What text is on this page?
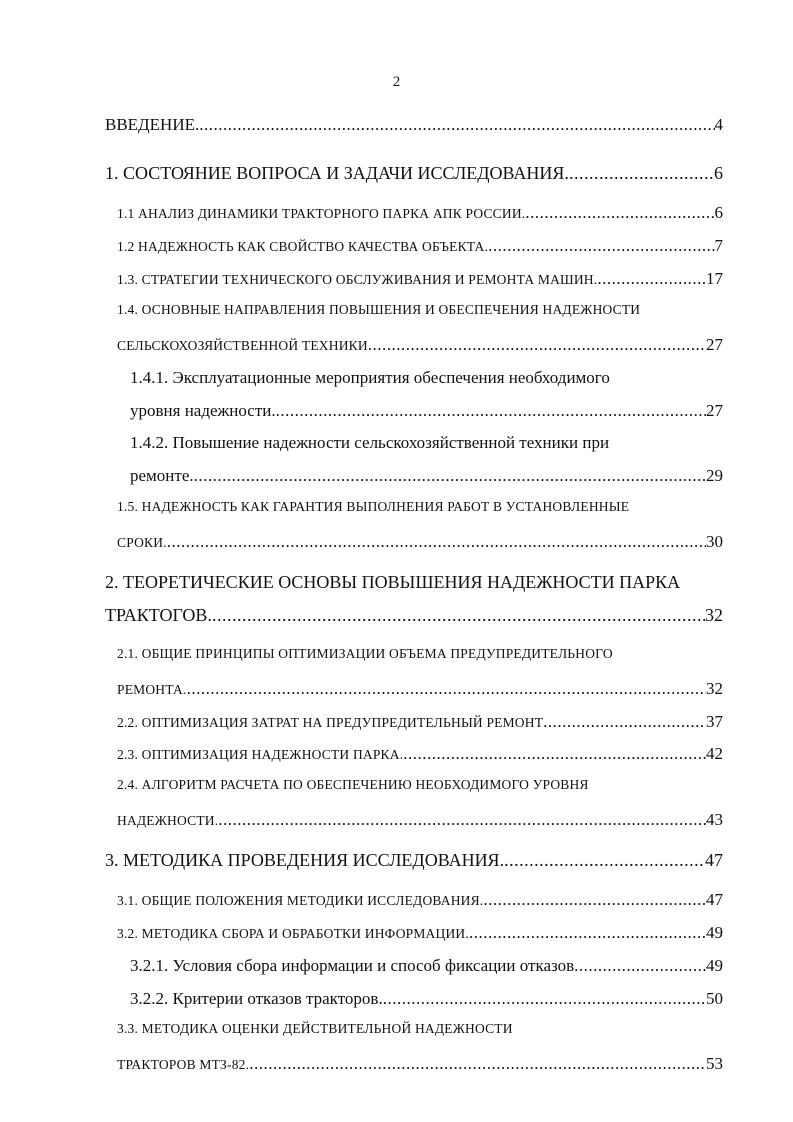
2
ВВЕДЕНИЕ. .....	4
1. СОСТОЯНИЕ ВОПРОСА И ЗАДАЧИ ИССЛЕДОВАНИЯ. .....	6
1.1 АНАЛИЗ ДИНАМИКИ ТРАКТОРНОГО ПАРКА АПК РОССИИ. .....	6
1.2 НАДЕЖНОСТЬ КАК СВОЙСТВО КАЧЕСТВА ОБЪЕКТА. .....	7
1.3. СТРАТЕГИИ ТЕХНИЧЕСКОГО ОБСЛУЖИВАНИЯ И РЕМОНТА МАШИН. .....	17
1.4. ОСНОВНЫЕ НАПРАВЛЕНИЯ ПОВЫШЕНИЯ И ОБЕСПЕЧЕНИЯ НАДЕЖНОСТИ
СЕЛЬСКОХОЗЯЙСТВЕННОЙ ТЕХНИКИ .....	27
1.4.1. Эксплуатационные мероприятия обеспечения необходимого
уровня надежности. .....	27
1.4.2. Повышение надежности сельскохозяйственной техники при
ремонте. .....	29
1.5. НАДЕЖНОСТЬ КАК ГАРАНТИЯ ВЫПОЛНЕНИЯ РАБОТ В УСТАНОВЛЕННЫЕ
СРОКИ. .....	30
2. ТЕОРЕТИЧЕСКИЕ ОСНОВЫ ПОВЫШЕНИЯ НАДЕЖНОСТИ ПАРКА
ТРАКТОГОВ. .....	32
2.1. ОБЩИЕ ПРИНЦИПЫ ОПТИМИЗАЦИИ ОБЪЕМА ПРЕДУПРЕДИТЕЛЬНОГО
РЕМОНТА. .....	32
2.2. ОПТИМИЗАЦИЯ ЗАТРАТ НА ПРЕДУПРЕДИТЕЛЬНЫЙ РЕМОНТ .....	37
2.3. ОПТИМИЗАЦИЯ НАДЕЖНОСТИ ПАРКА. .....	42
2.4. АЛГОРИТМ РАСЧЕТА ПО ОБЕСПЕЧЕНИЮ НЕОБХОДИМОГО УРОВНЯ
НАДЕЖНОСТИ. .....	43
3. МЕТОДИКА ПРОВЕДЕНИЯ ИССЛЕДОВАНИЯ. .....	47
3.1. ОБЩИЕ ПОЛОЖЕНИЯ МЕТОДИКИ ИССЛЕДОВАНИЯ. .....	47
3.2. МЕТОДИКА СБОРА И ОБРАБОТКИ ИНФОРМАЦИИ. .....	49
3.2.1. Условия сбора информации и способ фиксации отказов .....	49
3.2.2. Критерии отказов тракторов. .....	50
3.3. МЕТОДИКА ОЦЕНКИ ДЕЙСТВИТЕЛЬНОЙ НАДЕЖНОСТИ
ТРАКТОРОВ МТЗ-82. .....	53
